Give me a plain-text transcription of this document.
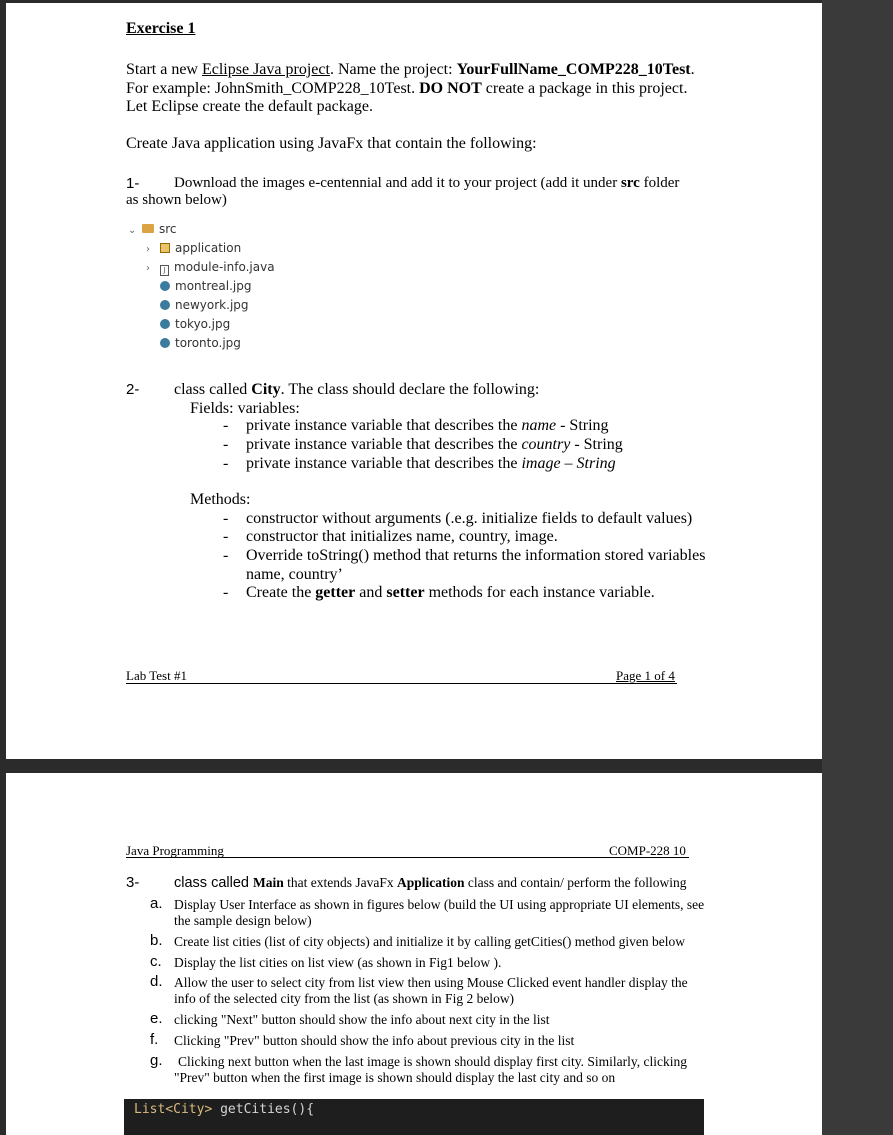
Exercise 1
Start a new Eclipse Java project. Name the project: YourFullName_COMP228_10Test.
For example: JohnSmith_COMP228_10Test. DO NOT create a package in this project.
Let Eclipse create the default package.
Create Java application using JavaFx that contain the following:
1- Download the images e-centennial and add it to your project (add it under src folder
as shown below)
⌄ src
› application
› J module-info.java
montreal.jpg
newyork.jpg
tokyo.jpg
toronto.jpg
2- class called City. The class should declare the following:
Fields: variables:
- private instance variable that describes the name - String
- private instance variable that describes the country - String
- private instance variable that describes the image – String
Methods:
- constructor without arguments (.e.g. initialize fields to default values)
- constructor that initializes name, country, image.
- Override toString() method that returns the information stored variables
name, country’
- Create the getter and setter methods for each instance variable.
Lab Test #1	Page 1 of 4
Java Programming	COMP-228 10
3- class called Main that extends JavaFx Application class and contain/ perform the following
a. Display User Interface as shown in figures below (build the UI using appropriate UI elements, see
the sample design below)
b. Create list cities (list of city objects) and initialize it by calling getCities() method given below
c. Display the list cities on list view (as shown in Fig1 below ).
d. Allow the user to select city from list view then using Mouse Clicked event handler display the
info of the selected city from the list (as shown in Fig 2 below)
e. clicking "Next" button should show the info about next city in the list
f. Clicking "Prev" button should show the info about previous city in the list
g. Clicking next button when the last image is shown should display first city. Similarly, clicking
"Prev" button when the first image is shown should display the last city and so on
List<City> getCities(){
